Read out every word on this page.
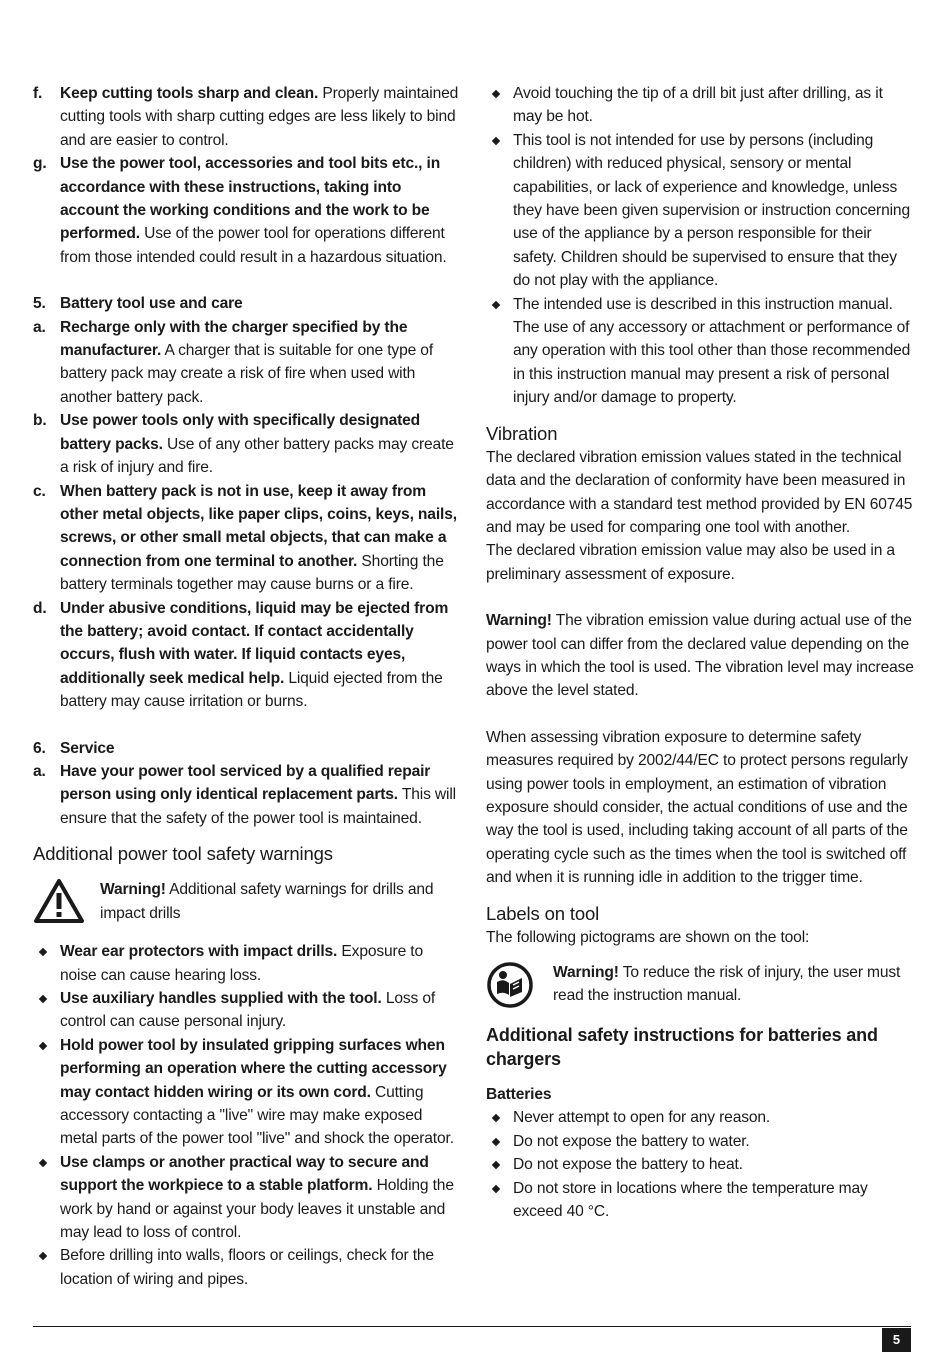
f. Keep cutting tools sharp and clean. Properly maintained cutting tools with sharp cutting edges are less likely to bind and are easier to control.
g. Use the power tool, accessories and tool bits etc., in accordance with these instructions, taking into account the working conditions and the work to be performed. Use of the power tool for operations different from those intended could result in a hazardous situation.
5. Battery tool use and care
a. Recharge only with the charger specified by the manufacturer. A charger that is suitable for one type of battery pack may create a risk of fire when used with another battery pack.
b. Use power tools only with specifically designated battery packs. Use of any other battery packs may create a risk of injury and fire.
c. When battery pack is not in use, keep it away from other metal objects, like paper clips, coins, keys, nails, screws, or other small metal objects, that can make a connection from one terminal to another. Shorting the battery terminals together may cause burns or a fire.
d. Under abusive conditions, liquid may be ejected from the battery; avoid contact. If contact accidentally occurs, flush with water. If liquid contacts eyes, additionally seek medical help. Liquid ejected from the battery may cause irritation or burns.
6. Service
a. Have your power tool serviced by a qualified repair person using only identical replacement parts. This will ensure that the safety of the power tool is maintained.
Additional power tool safety warnings
Warning! Additional safety warnings for drills and impact drills
Wear ear protectors with impact drills. Exposure to noise can cause hearing loss.
Use auxiliary handles supplied with the tool. Loss of control can cause personal injury.
Hold power tool by insulated gripping surfaces when performing an operation where the cutting accessory may contact hidden wiring or its own cord. Cutting accessory contacting a "live" wire may make exposed metal parts of the power tool "live" and shock the operator.
Use clamps or another practical way to secure and support the workpiece to a stable platform. Holding the work by hand or against your body leaves it unstable and may lead to loss of control.
Before drilling into walls, floors or ceilings, check for the location of wiring and pipes.
Avoid touching the tip of a drill bit just after drilling, as it may be hot.
This tool is not intended for use by persons (including children) with reduced physical, sensory or mental capabilities, or lack of experience and knowledge, unless they have been given supervision or instruction concerning use of the appliance by a person responsible for their safety. Children should be supervised to ensure that they do not play with the appliance.
The intended use is described in this instruction manual. The use of any accessory or attachment or performance of any operation with this tool other than those recommended in this instruction manual may present a risk of personal injury and/or damage to property.
Vibration
The declared vibration emission values stated in the technical data and the declaration of conformity have been measured in accordance with a standard test method provided by EN 60745 and may be used for comparing one tool with another.
The declared vibration emission value may also be used in a preliminary assessment of exposure.
Warning! The vibration emission value during actual use of the power tool can differ from the declared value depending on the ways in which the tool is used. The vibration level may increase above the level stated.
When assessing vibration exposure to determine safety measures required by 2002/44/EC to protect persons regularly using power tools in employment, an estimation of vibration exposure should consider, the actual conditions of use and the way the tool is used, including taking account of all parts of the operating cycle such as the times when the tool is switched off and when it is running idle in addition to the trigger time.
Labels on tool
The following pictograms are shown on the tool:
Warning! To reduce the risk of injury, the user must read the instruction manual.
Additional safety instructions for batteries and chargers
Batteries
Never attempt to open for any reason.
Do not expose the battery to water.
Do not expose the battery to heat.
Do not store in locations where the temperature may exceed 40 °C.
5
